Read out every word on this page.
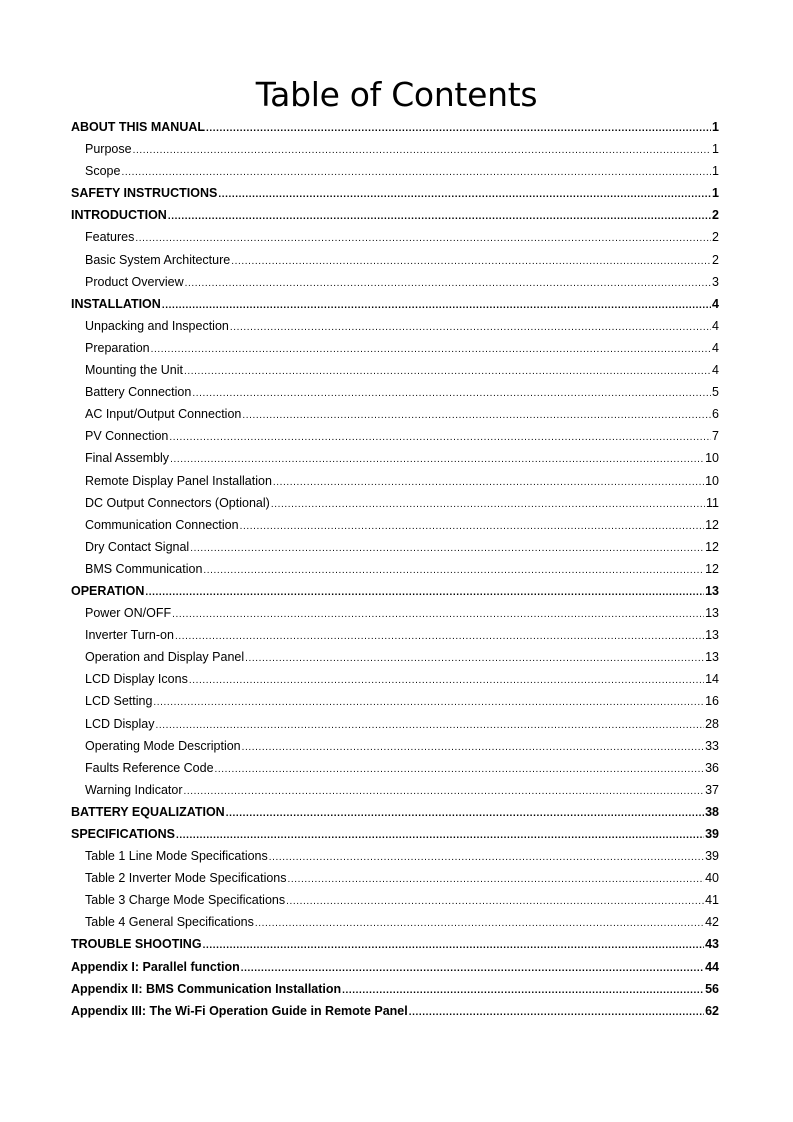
Table of Contents
ABOUT THIS MANUAL .....	1
Purpose .....	1
Scope .....	1
SAFETY INSTRUCTIONS .....	1
INTRODUCTION .....	2
Features .....	2
Basic System Architecture .....	2
Product Overview .....	3
INSTALLATION .....	4
Unpacking and Inspection .....	4
Preparation .....	4
Mounting the Unit .....	4
Battery Connection .....	5
AC Input/Output Connection .....	6
PV Connection .....	7
Final Assembly .....	10
Remote Display Panel Installation .....	10
DC Output Connectors (Optional) .....	11
Communication Connection .....	12
Dry Contact Signal .....	12
BMS Communication .....	12
OPERATION .....	13
Power ON/OFF .....	13
Inverter Turn-on .....	13
Operation and Display Panel .....	13
LCD Display Icons .....	14
LCD Setting .....	16
LCD Display .....	28
Operating Mode Description .....	33
Faults Reference Code .....	36
Warning Indicator .....	37
BATTERY EQUALIZATION .....	38
SPECIFICATIONS .....	39
Table 1 Line Mode Specifications .....	39
Table 2 Inverter Mode Specifications .....	40
Table 3 Charge Mode Specifications .....	41
Table 4 General Specifications .....	42
TROUBLE SHOOTING .....	43
Appendix I: Parallel function .....	44
Appendix II: BMS Communication Installation .....	56
Appendix III: The Wi-Fi Operation Guide in Remote Panel .....	62
